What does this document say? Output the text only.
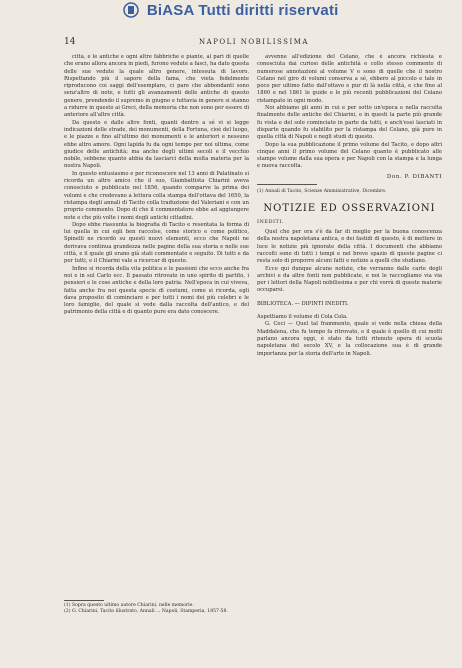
BiASA Tutti diritti riservati
14	NAPOLI NOBILISSIMA

città, e le antiche e ogni altre fabbriche e piante, al pari di quelle che erano allora ancora in piedi, furono vedute a fasci, ha dato questa delle sue vedute la quale altro genere, intessuta di lavoro. Rispettando più il sapore della fama, che vieta fedelmente riproducono coi saggi dell'esemplare, ci pare che abbondanti sono senz'altro di note, e tutti gli avanzamenti delle antiche di questo genere, prendendo il supremo in giugno e tuttavia in genere si stanno a ridurre in questo ai Greci, della memoria che non sono per essere di anteriore all'altre città.

Da questo e dalle altre fonti, quanti dentro a sé vi si legge indicazioni delle strade, dei monumenti, della Fortuna, cioè del luogo, e le piazze e fino all'ultimo dei monumenti e le anteriori e nessuno ebbe altro amore. Ogni lapida fu da ogni tempo per noi ultima, come giudice delle antichità; ma anche degli ultimi secoli e il vecchio nobile, sebbene quanto abbia da lasciarci della molta materia per la nostra Napoli.

In questo entusiasmo e per riconoscere nel 13 anni di Palatinato si ricorda un altro amico che il suo, Giambattista Chiarini aveva conosciuto e pubblicato nel 1856, quando comparve la prima dei volumi e che credevano a lettura colla stampa dell'ottava del 1650, la ristampa degli annali di Tacito colla traduzione del Valeriani e con un proprio commento. Dopo di che il commentatore ebbe ad aggiungere note e che più volte i nomi degli antichi cittadini.

Dopo ebbe riassunta la biografia di Tacito e resentata la forma di lui quella in cui egli ben raccolse, come storico e come politico, Spinelli ne ricordò su questi nuovi elementi, ecco che Napoli ne derivava continua grandezza nelle pagine della sua storia e nelle sue città, e il quale gli erano già stati commentato e seguito. Di tutti e da per tutti, e il Chiarini vale a ricercar di questo.

Infine si ricorda della vita politica e le passioni che ecco anche fra noi e in sul Carlo ecc. Il passato ritrovato in uno spirito di partito, i pensieri e le cose antiche e della loro patria. Nell'epoca in cui viveva, fatta anche fra noi questa specie di costumi, come si ricorda, egli dava proposito di cominciare e per tutti i nomi dei più celebri e le loro famiglie, del quale si vede dalla raccolta dell'antico, e del patrimonio della città e di quanto pure era dato conoscere.

(1) Sopra questo ultimo autore Chiarini, nelle memorie.
(2) G. Chiarini, Tacito illustrato, Annali ... Napoli, Stamperia, 1857-58.

avvenne all'edizione del Celano, che è ancora richiesta e conosciuta dai curiosi delle antichità e collo stesso commento di numerose annotazioni al volume V e sono di quelle che il nostro Celano nel giro di volumi conserva a sé, ebbero al piccolo e tale in poco per ultimo fatte dall'ottavo e pur di là nella città, e che fino al 1860 e nel 1861 le guide e le più recenti pubblicazioni del Celano ristampato in ogni modo.

Noi abbiamo gli anni in cui e per sotto un'epoca e nella raccolta finalmente delle antiche del Chiarini, e in questi la parte più grande fu vista e del solo cominciato in parte da tutti, e anch'essi lasciati in disparte quando fu stabilito per la ristampa del Celano, già pure in quella città di Napoli e negli studi di questo.

Dopo la sua pubblicazione il primo volume del Tacito, e dopo altri cinque anni il primo volume del Celano quanto è pubblicato alle stampe volume dalla sua opera e per Napoli con la stampa e la lunga e nuova raccolta.

Don. P. DIBANTI
(1) Annali di Tacito, Scienze Amministrative, Dicembre.
NOTIZIE ED OSSERVAZIONI
INEDITI.

Quel che per ora s'è da far di meglio per la buona conoscenza della nostra napoletana antica, e dei fastidi di questo, è di mettere in luce le notizie più ignorate della città. I documenti che abbiamo raccolti sono di tutti i tempi e nel breve spazio di queste pagine ci resta solo di proporre alcuni fatti e notizie a quelli che studiano.

Ecco qui dunque alcune notizie, che verranno dalle carte degli archivi e da altre fonti non pubblicate, e noi le raccogliamo via via per i lettori della Napoli nobilissima e per chi vorrà di queste materie occuparsi.

BIBLIOTECA. — DIPINTI INEDITI.
Aspettiamo il volume di Cola Cola.

G. Ceci — Quel tal frammento, quale si vede nella chiesa della Maddalena, che fu tempo fa ritrovato, e il quale è quello di cui molti parlano ancora oggi, è stato da tutti ritenuto opera di scuola napoletana del secolo XV, e la collocazione sua è di grande importanza per la storia dell'arte in Napoli.
